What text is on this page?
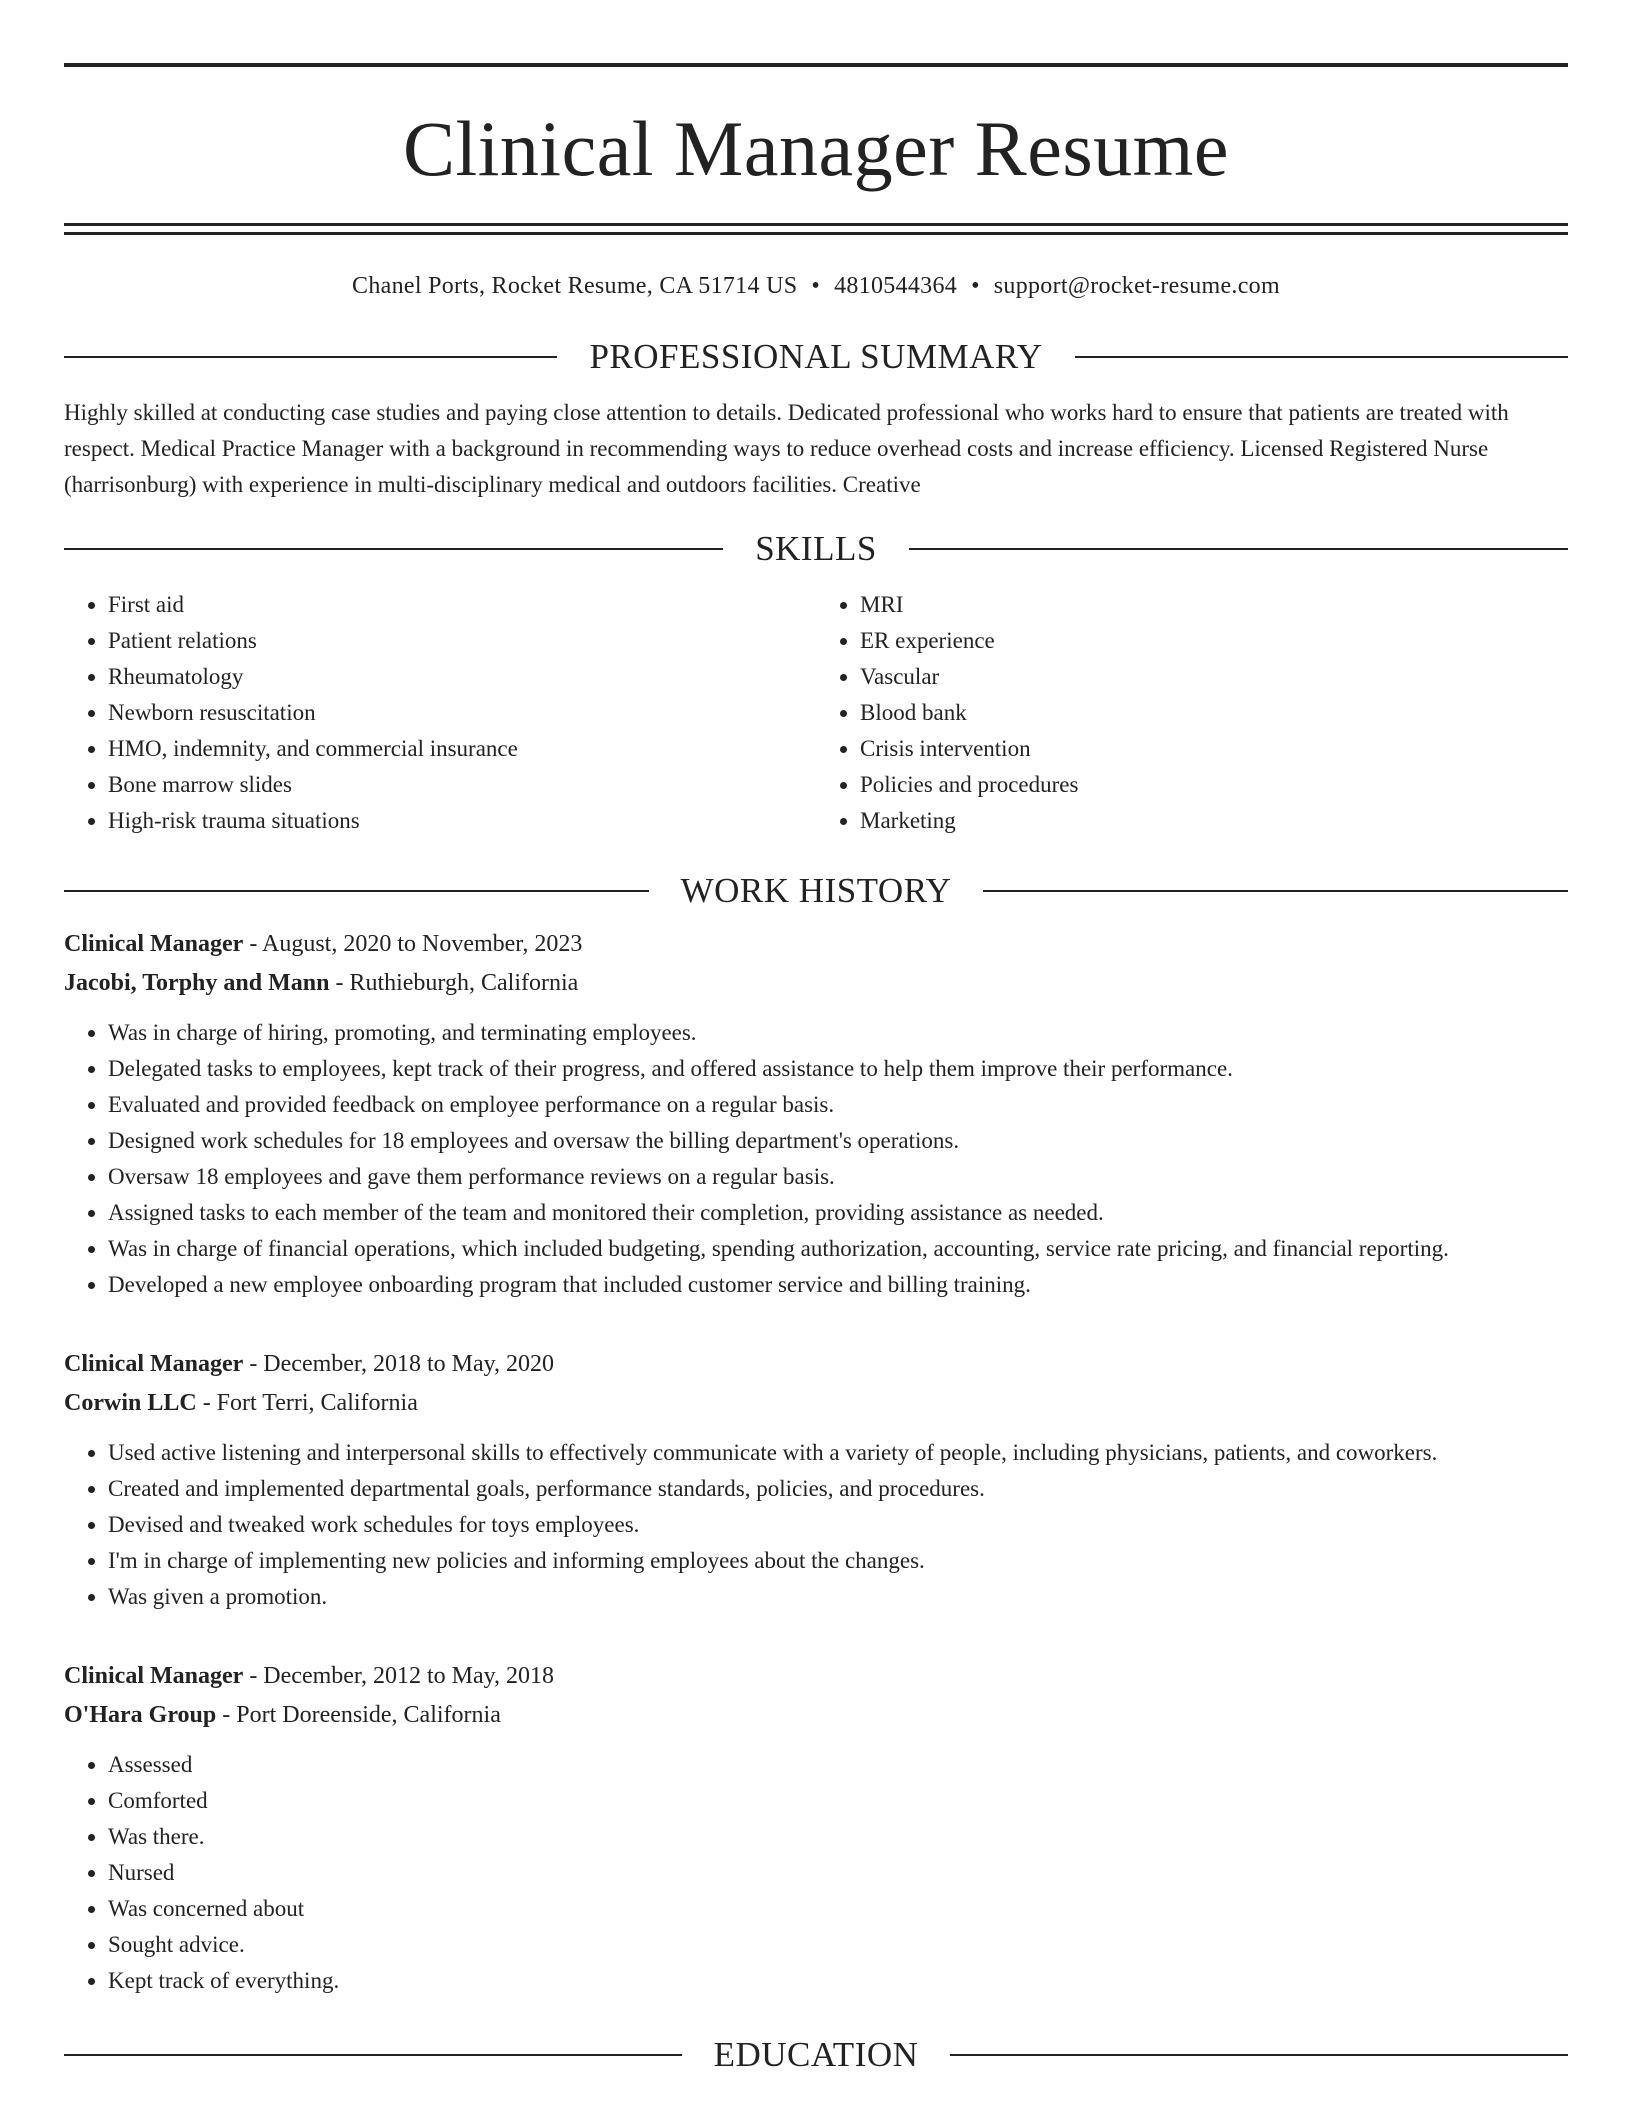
Clinical Manager Resume
Chanel Ports, Rocket Resume, CA 51714 US • 4810544364 • support@rocket-resume.com
PROFESSIONAL SUMMARY
Highly skilled at conducting case studies and paying close attention to details. Dedicated professional who works hard to ensure that patients are treated with respect. Medical Practice Manager with a background in recommending ways to reduce overhead costs and increase efficiency. Licensed Registered Nurse (harrisonburg) with experience in multi-disciplinary medical and outdoors facilities. Creative
SKILLS
• First aid
• Patient relations
• Rheumatology
• Newborn resuscitation
• HMO, indemnity, and commercial insurance
• Bone marrow slides
• High-risk trauma situations
• MRI
• ER experience
• Vascular
• Blood bank
• Crisis intervention
• Policies and procedures
• Marketing
WORK HISTORY
Clinical Manager - August, 2020 to November, 2023
Jacobi, Torphy and Mann - Ruthieburgh, California
• Was in charge of hiring, promoting, and terminating employees.
• Delegated tasks to employees, kept track of their progress, and offered assistance to help them improve their performance.
• Evaluated and provided feedback on employee performance on a regular basis.
• Designed work schedules for 18 employees and oversaw the billing department's operations.
• Oversaw 18 employees and gave them performance reviews on a regular basis.
• Assigned tasks to each member of the team and monitored their completion, providing assistance as needed.
• Was in charge of financial operations, which included budgeting, spending authorization, accounting, service rate pricing, and financial reporting.
• Developed a new employee onboarding program that included customer service and billing training.
Clinical Manager - December, 2018 to May, 2020
Corwin LLC - Fort Terri, California
• Used active listening and interpersonal skills to effectively communicate with a variety of people, including physicians, patients, and coworkers.
• Created and implemented departmental goals, performance standards, policies, and procedures.
• Devised and tweaked work schedules for toys employees.
• I'm in charge of implementing new policies and informing employees about the changes.
• Was given a promotion.
Clinical Manager - December, 2012 to May, 2018
O'Hara Group - Port Doreenside, California
• Assessed
• Comforted
• Was there.
• Nursed
• Was concerned about
• Sought advice.
• Kept track of everything.
EDUCATION
